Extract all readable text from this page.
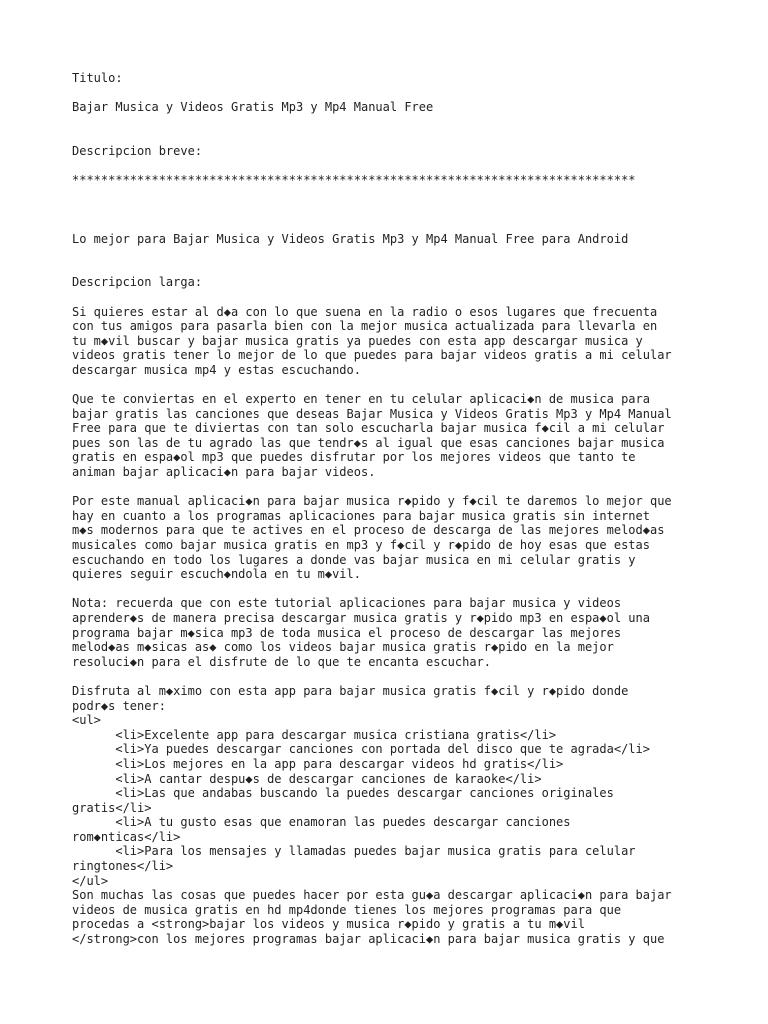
Titulo:
Bajar Musica y Videos Gratis Mp3 y Mp4 Manual Free
Descripcion breve:
******************************************************************************
Lo mejor para Bajar Musica y Videos Gratis Mp3 y Mp4 Manual Free para Android
Descripcion larga:
Si quieres estar al d◆a con lo que suena en la radio o esos lugares que frecuenta
con tus amigos para pasarla bien con la mejor musica actualizada para llevarla en
tu m◆vil buscar y bajar musica gratis ya puedes con esta app descargar musica y
videos gratis tener lo mejor de lo que puedes para bajar videos gratis a mi celular
descargar musica mp4 y estas escuchando.
Que te conviertas en el experto en tener en tu celular aplicaci◆n de musica para
bajar gratis las canciones que deseas Bajar Musica y Videos Gratis Mp3 y Mp4 Manual
Free para que te diviertas con tan solo escucharla bajar musica f◆cil a mi celular
pues son las de tu agrado las que tendr◆s al igual que esas canciones bajar musica
gratis en espa◆ol mp3 que puedes disfrutar por los mejores videos que tanto te
animan bajar aplicaci◆n para bajar videos.
Por este manual aplicaci◆n para bajar musica r◆pido y f◆cil te daremos lo mejor que
hay en cuanto a los programas aplicaciones para bajar musica gratis sin internet
m◆s modernos para que te actives en el proceso de descarga de las mejores melod◆as
musicales como bajar musica gratis en mp3 y f◆cil y r◆pido de hoy esas que estas
escuchando en todo los lugares a donde vas bajar musica en mi celular gratis y
quieres seguir escuch◆ndola en tu m◆vil.
Nota: recuerda que con este tutorial aplicaciones para bajar musica y videos
aprender◆s de manera precisa descargar musica gratis y r◆pido mp3 en espa◆ol una
programa bajar m◆sica mp3 de toda musica el proceso de descargar las mejores
melod◆as m◆sicas as◆ como los videos bajar musica gratis r◆pido en la mejor
resoluci◆n para el disfrute de lo que te encanta escuchar.
Disfruta al m◆ximo con esta app para bajar musica gratis f◆cil y r◆pido donde
podr◆s tener:
<ul>
<li>Excelente app para descargar musica cristiana gratis</li>
<li>Ya puedes descargar canciones con portada del disco que te agrada</li>
<li>Los mejores en la app para descargar videos hd gratis</li>
<li>A cantar despu◆s de descargar canciones de karaoke</li>
<li>Las que andabas buscando la puedes descargar canciones originales
gratis</li>
<li>A tu gusto esas que enamoran las puedes descargar canciones
rom◆nticas</li>
<li>Para los mensajes y llamadas puedes bajar musica gratis para celular
ringtones</li>
</ul>
Son muchas las cosas que puedes hacer por esta gu◆a descargar aplicaci◆n para bajar
videos de musica gratis en hd mp4donde tienes los mejores programas para que
procedas a <strong>bajar los videos y musica r◆pido y gratis a tu m◆vil
</strong>con los mejores programas bajar aplicaci◆n para bajar musica gratis y que
